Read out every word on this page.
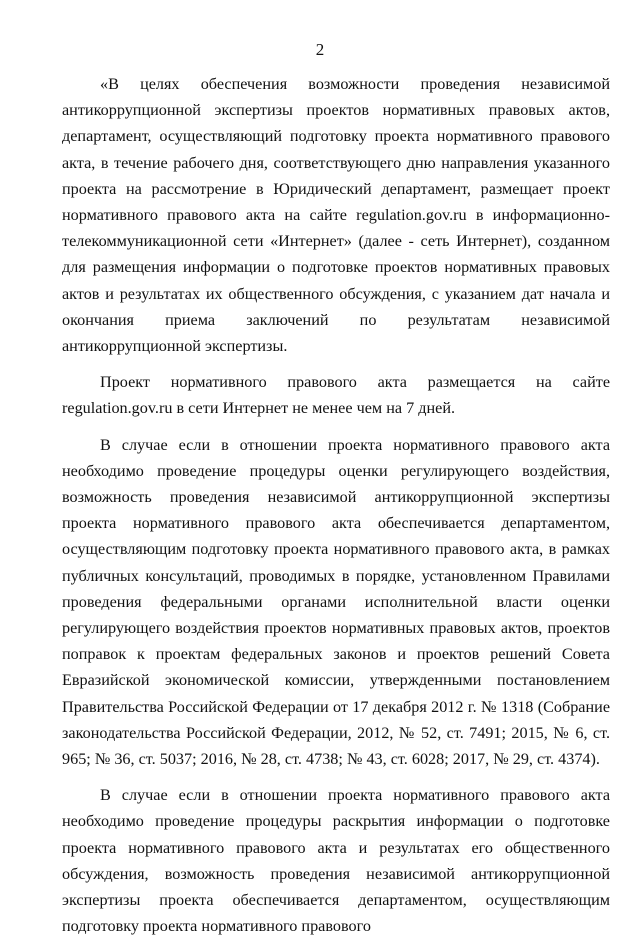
2

«В целях обеспечения возможности проведения независимой антикоррупционной экспертизы проектов нормативных правовых актов, департамент, осуществляющий подготовку проекта нормативного правового акта, в течение рабочего дня, соответствующего дню направления указанного проекта на рассмотрение в Юридический департамент, размещает проект нормативного правового акта на сайте regulation.gov.ru в информационно-телекоммуникационной сети «Интернет» (далее - сеть Интернет), созданном для размещения информации о подготовке проектов нормативных правовых актов и результатах их общественного обсуждения, с указанием дат начала и окончания приема заключений по результатам независимой антикоррупционной экспертизы.

Проект нормативного правового акта размещается на сайте regulation.gov.ru в сети Интернет не менее чем на 7 дней.

В случае если в отношении проекта нормативного правового акта необходимо проведение процедуры оценки регулирующего воздействия, возможность проведения независимой антикоррупционной экспертизы проекта нормативного правового акта обеспечивается департаментом, осуществляющим подготовку проекта нормативного правового акта, в рамках публичных консультаций, проводимых в порядке, установленном Правилами проведения федеральными органами исполнительной власти оценки регулирующего воздействия проектов нормативных правовых актов, проектов поправок к проектам федеральных законов и проектов решений Совета Евразийской экономической комиссии, утвержденными постановлением Правительства Российской Федерации от 17 декабря 2012 г. № 1318 (Собрание законодательства Российской Федерации, 2012, № 52, ст. 7491; 2015, № 6, ст. 965; № 36, ст. 5037; 2016, № 28, ст. 4738; № 43, ст. 6028; 2017, № 29, ст. 4374).

В случае если в отношении проекта нормативного правового акта необходимо проведение процедуры раскрытия информации о подготовке проекта нормативного правового акта и результатах его общественного обсуждения, возможность проведения независимой антикоррупционной экспертизы проекта обеспечивается департаментом, осуществляющим подготовку проекта нормативного правового
